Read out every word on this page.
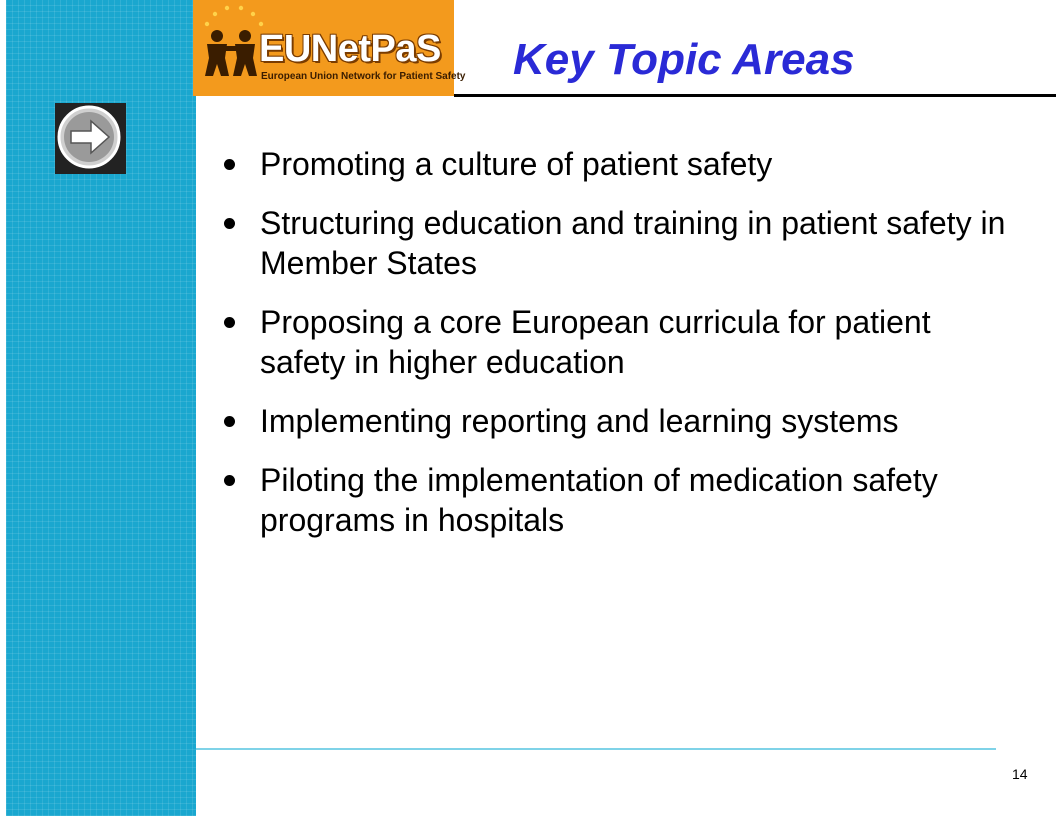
EUNetPaS
European Union Network for Patient Safety Key Topic Areas
Promoting a culture of patient safety
Structuring education and training in patient safety in Member States
Proposing a core European curricula for patient safety in higher education
Implementing reporting and learning systems
Piloting the implementation of medication safety programs in hospitals
14
